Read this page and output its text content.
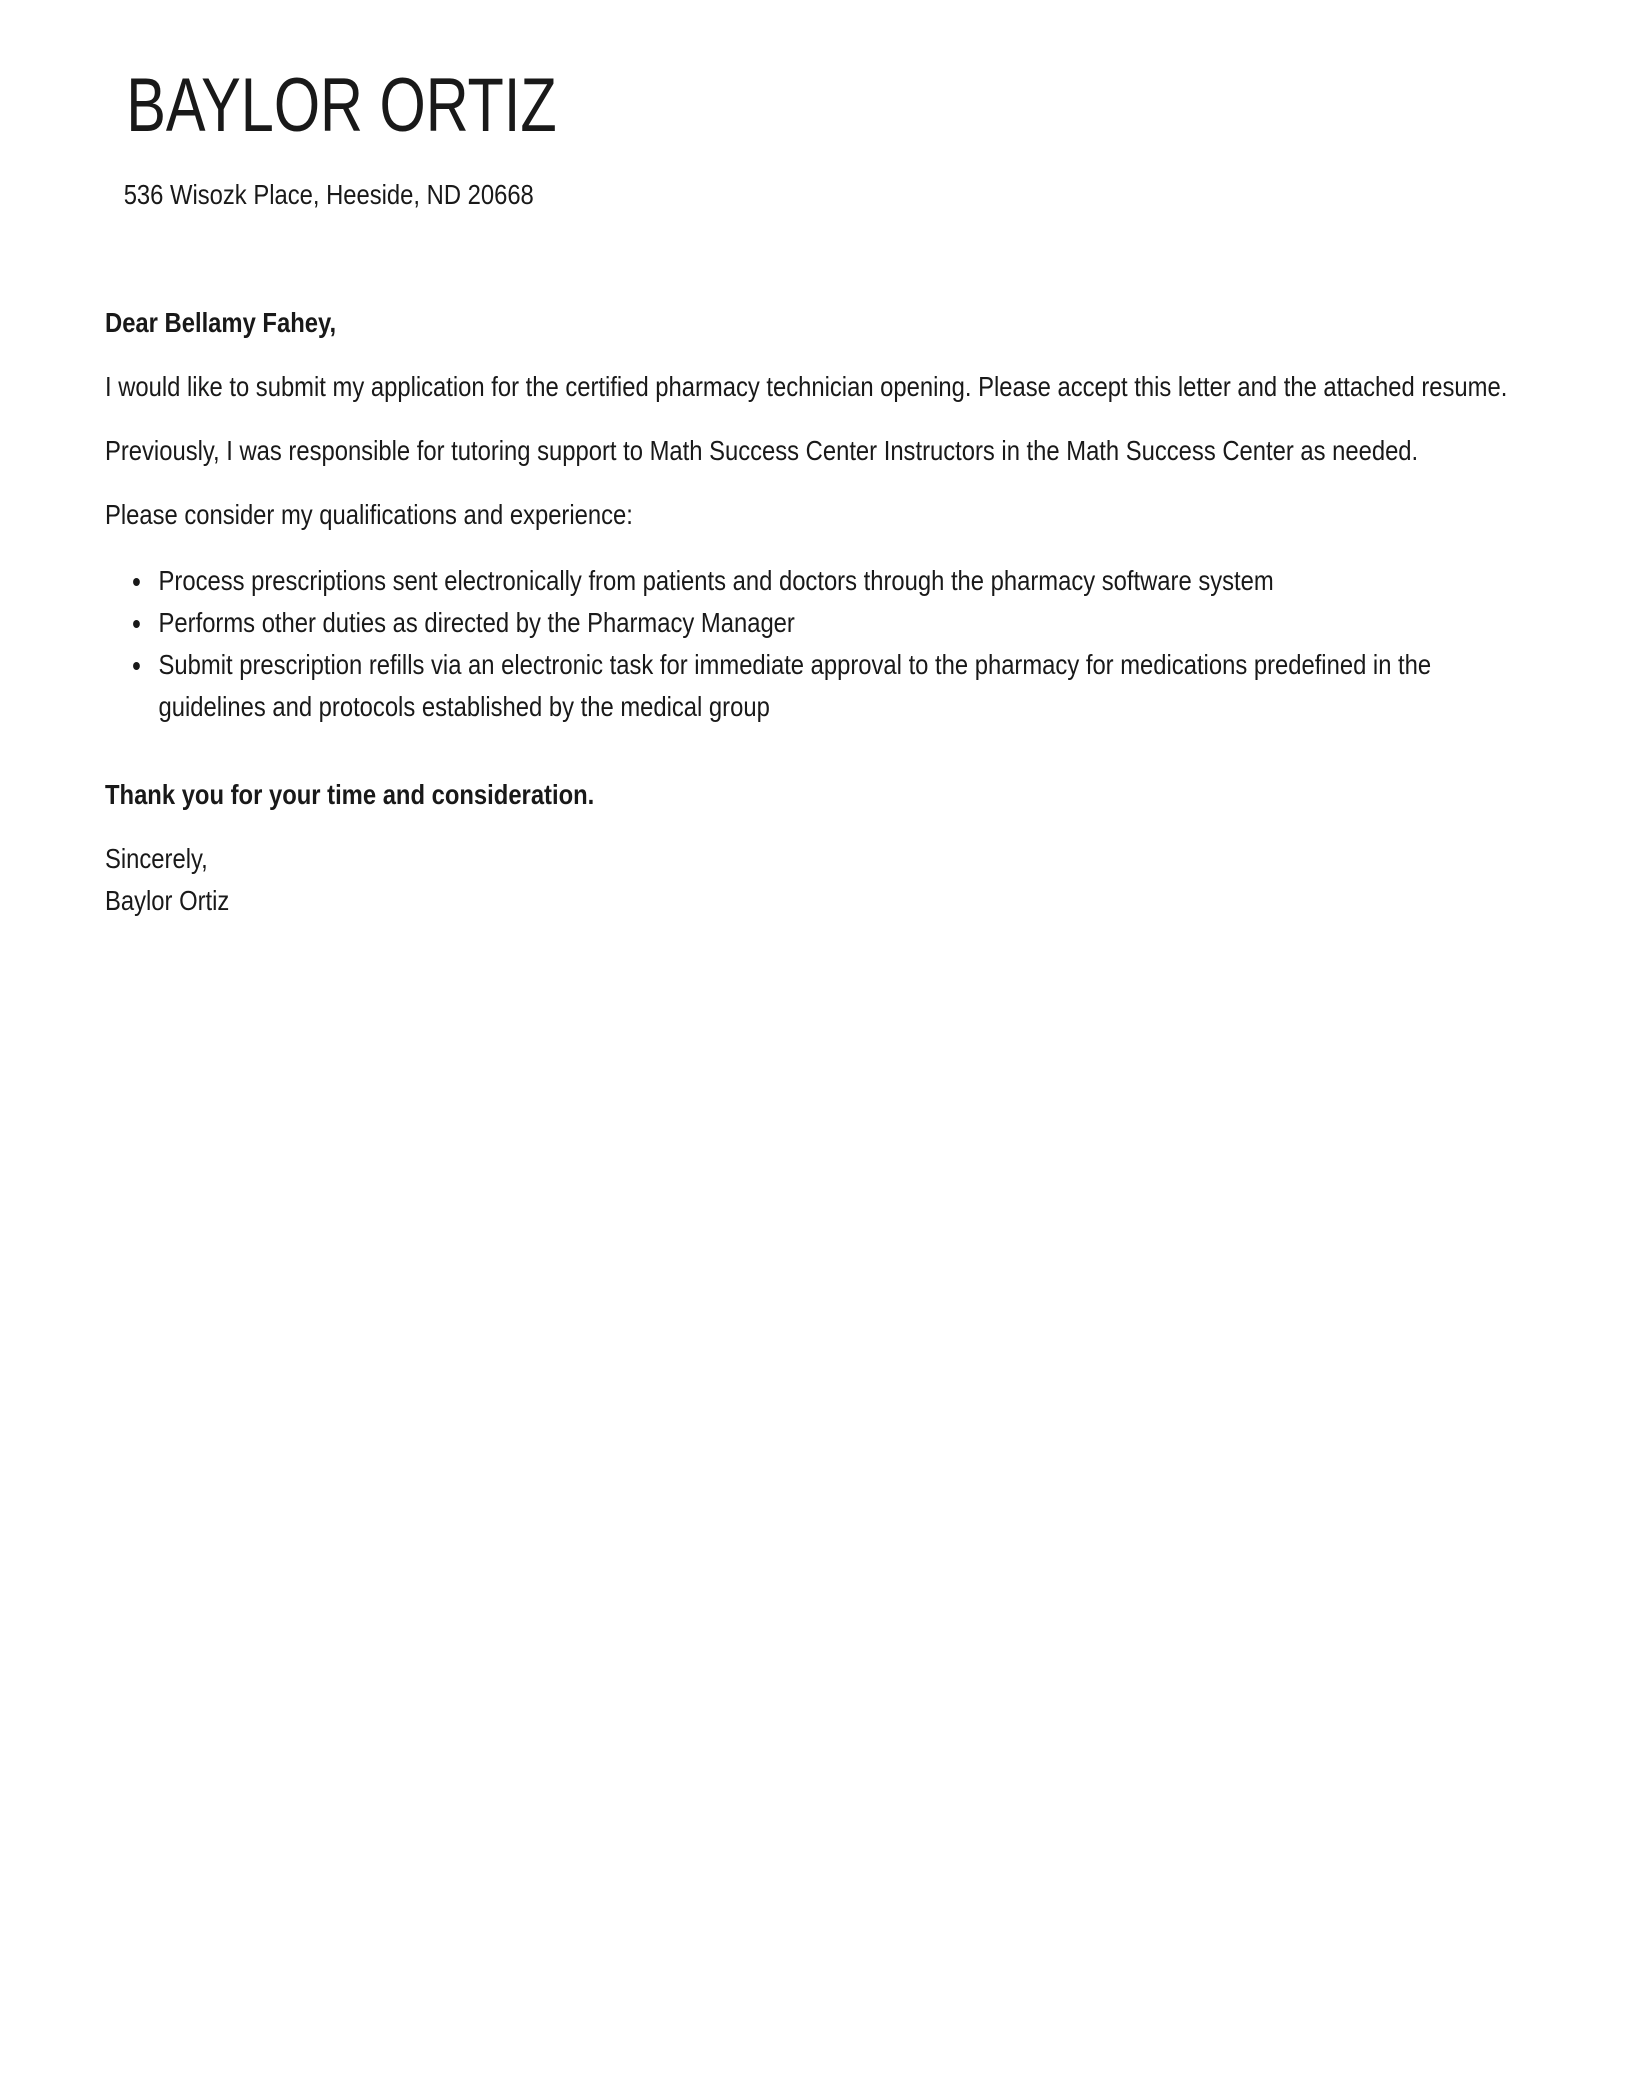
BAYLOR ORTIZ
536 Wisozk Place, Heeside, ND 20668

Dear Bellamy Fahey,

I would like to submit my application for the certified pharmacy technician opening. Please accept this letter and the attached resume.

Previously, I was responsible for tutoring support to Math Success Center Instructors in the Math Success Center as needed.

Please consider my qualifications and experience:

• Process prescriptions sent electronically from patients and doctors through the pharmacy software system
• Performs other duties as directed by the Pharmacy Manager
• Submit prescription refills via an electronic task for immediate approval to the pharmacy for medications predefined in the guidelines and protocols established by the medical group

Thank you for your time and consideration.

Sincerely,
Baylor Ortiz
